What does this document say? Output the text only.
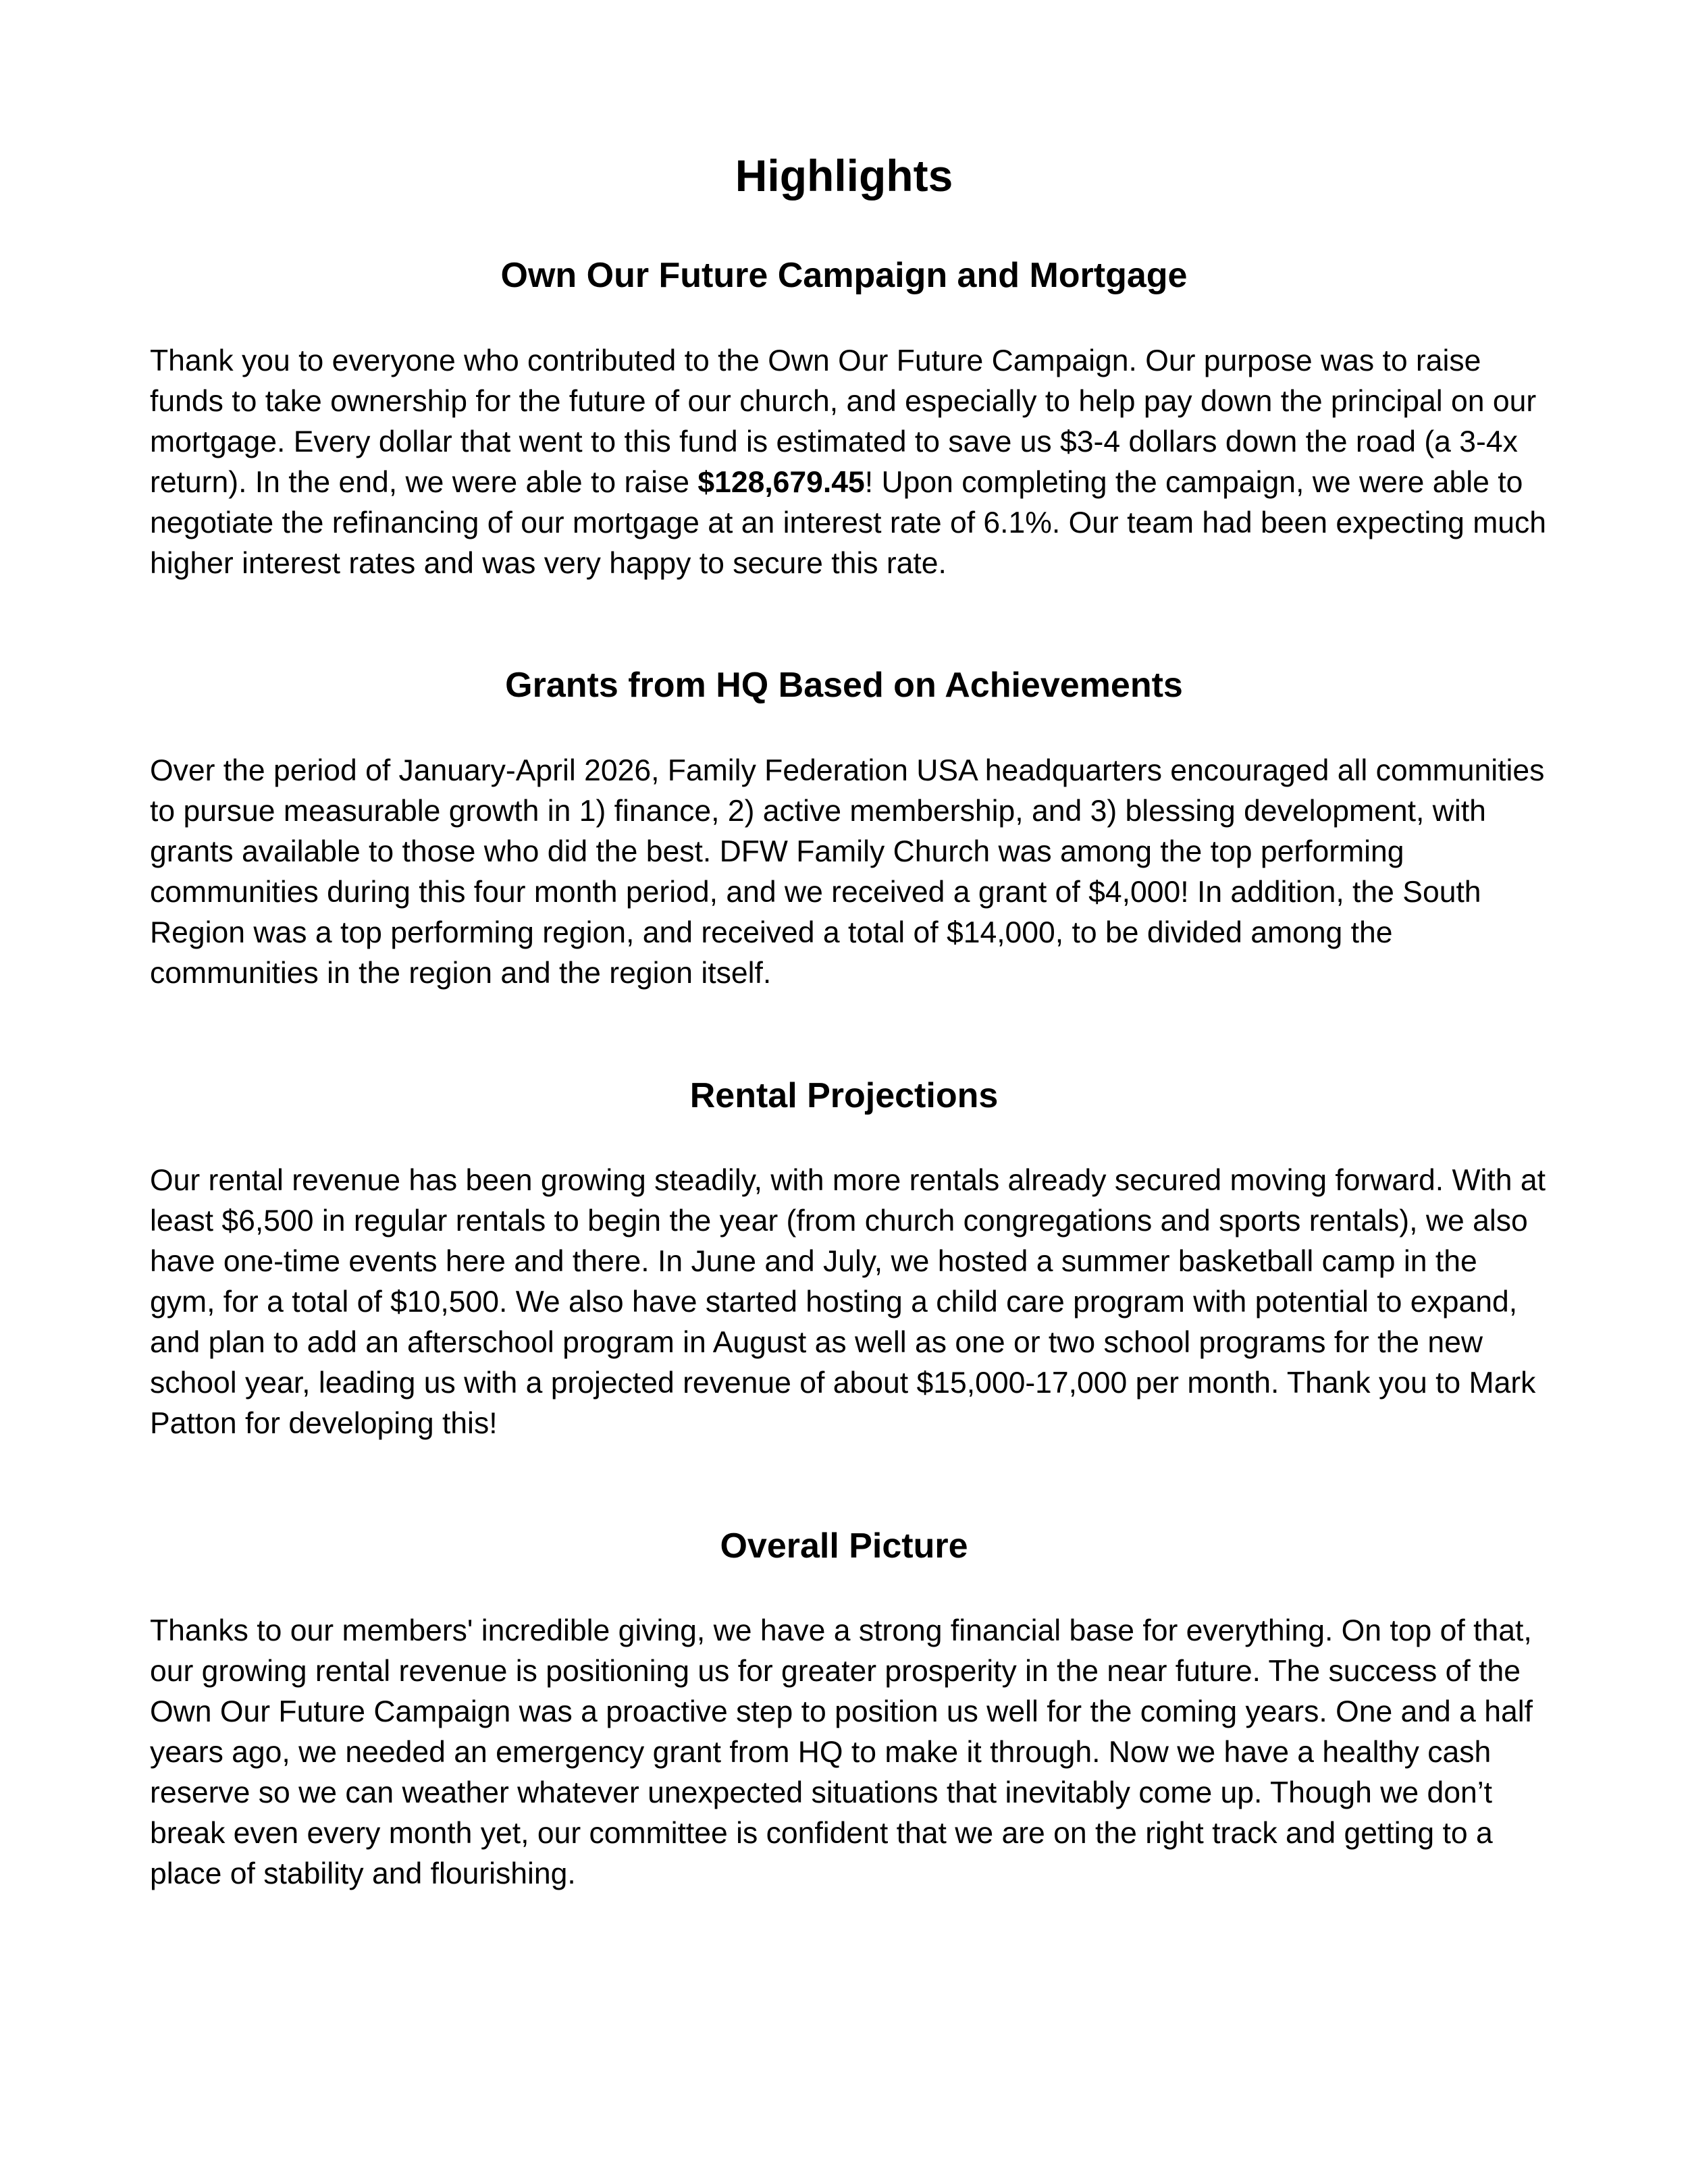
Highlights
Own Our Future Campaign and Mortgage

Thank you to everyone who contributed to the Own Our Future Campaign. Our purpose was to raise funds to take ownership for the future of our church, and especially to help pay down the principal on our mortgage. Every dollar that went to this fund is estimated to save us $3-4 dollars down the road (a 3-4x return). In the end, we were able to raise $128,679.45! Upon completing the campaign, we were able to negotiate the refinancing of our mortgage at an interest rate of 6.1%. Our team had been expecting much higher interest rates and was very happy to secure this rate.

Grants from HQ Based on Achievements

Over the period of January-April 2026, Family Federation USA headquarters encouraged all communities to pursue measurable growth in 1) finance, 2) active membership, and 3) blessing development, with grants available to those who did the best. DFW Family Church was among the top performing communities during this four month period, and we received a grant of $4,000! In addition, the South Region was a top performing region, and received a total of $14,000, to be divided among the communities in the region and the region itself.

Rental Projections

Our rental revenue has been growing steadily, with more rentals already secured moving forward. With at least $6,500 in regular rentals to begin the year (from church congregations and sports rentals), we also have one-time events here and there. In June and July, we hosted a summer basketball camp in the gym, for a total of $10,500. We also have started hosting a child care program with potential to expand, and plan to add an afterschool program in August as well as one or two school programs for the new school year, leading us with a projected revenue of about $15,000-17,000 per month. Thank you to Mark Patton for developing this!

Overall Picture

Thanks to our members' incredible giving, we have a strong financial base for everything. On top of that, our growing rental revenue is positioning us for greater prosperity in the near future. The success of the Own Our Future Campaign was a proactive step to position us well for the coming years. One and a half years ago, we needed an emergency grant from HQ to make it through. Now we have a healthy cash reserve so we can weather whatever unexpected situations that inevitably come up. Though we don’t break even every month yet, our committee is confident that we are on the right track and getting to a place of stability and flourishing.
